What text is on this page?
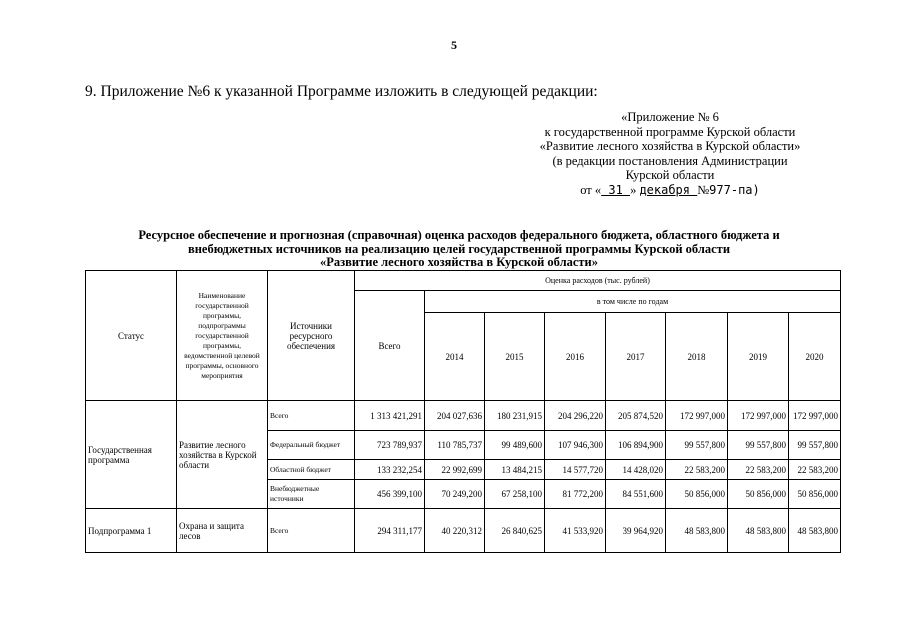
5
9. Приложение №6 к указанной Программе изложить в следующей редакции:
«Приложение № 6
к государственной программе Курской области
«Развитие лесного хозяйства в Курской области»
(в редакции постановления Администрации
Курской области
от « 31 » декабря №977-па)
Ресурсное обеспечение и прогнозная (справочная) оценка расходов федерального бюджета, областного бюджета и
внебюджетных источников на реализацию целей государственной программы Курской области
«Развитие лесного хозяйства в Курской области»
Статус	Наименование государственной программы, подпрограммы государственной программы, ведомственной целевой программы, основного мероприятия	Источники ресурсного обеспечения	Оценка расходов (тыс. рублей)							
			Всего	в том числе по годам						
				2014	2015	2016	2017	2018	2019	2020
Государственная программа	Развитие лесного хозяйства в Курской области	Всего	1 313 421,291	204 027,636	180 231,915	204 296,220	205 874,520	172 997,000	172 997,000	172 997,000
		Федеральный бюджет	723 789,937	110 785,737	99 489,600	107 946,300	106 894,900	99 557,800	99 557,800	99 557,800
		Областной бюджет	133 232,254	22 992,699	13 484,215	14 577,720	14 428,020	22 583,200	22 583,200	22 583,200
		Внебюджетные источники	456 399,100	70 249,200	67 258,100	81 772,200	84 551,600	50 856,000	50 856,000	50 856,000
Подпрограмма 1	Охрана и защита лесов	Всего	294 311,177	40 220,312	26 840,625	41 533,920	39 964,920	48 583,800	48 583,800	48 583,800
